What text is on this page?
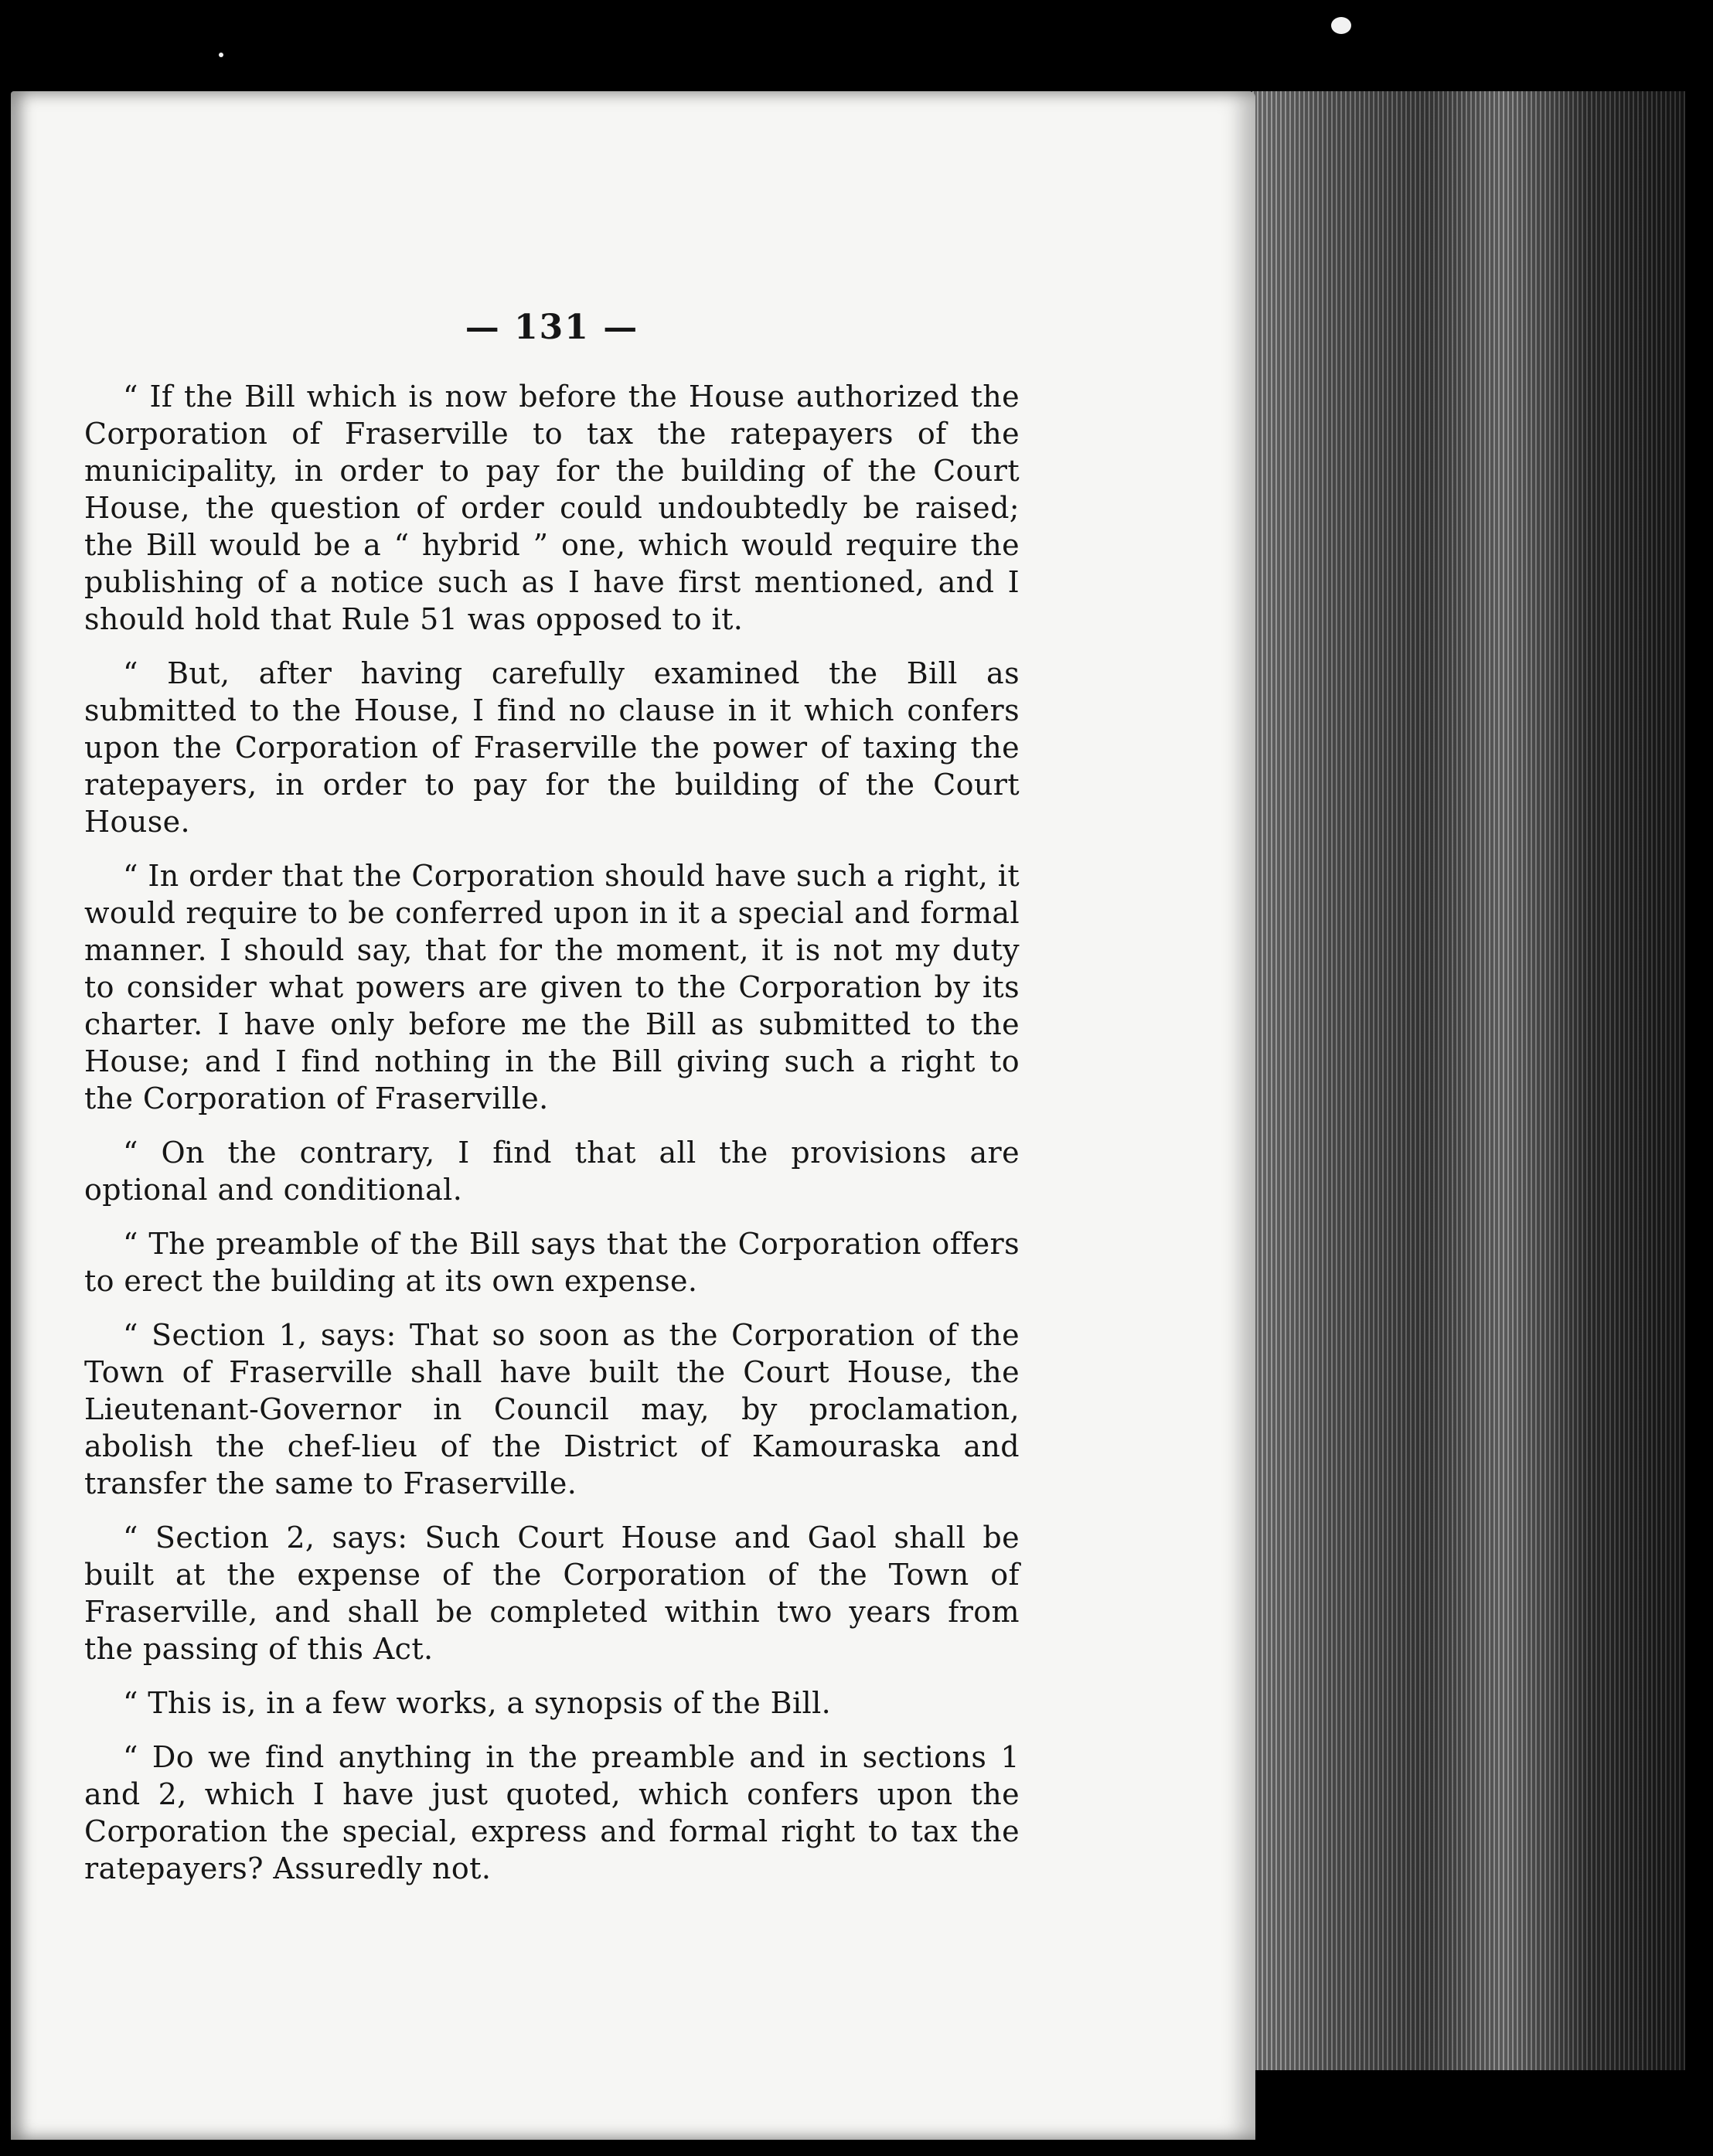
— 131 —

“ If the Bill which is now before the House authorized the Corporation of Fraserville to tax the ratepayers of the municipality, in order to pay for the building of the Court House, the question of order could undoubtedly be raised; the Bill would be a “ hybrid ” one, which would require the publishing of a notice such as I have first mentioned, and I should hold that Rule 51 was opposed to it.

“ But, after having carefully examined the Bill as submitted to the House, I find no clause in it which confers upon the Corporation of Fraserville the power of taxing the ratepayers, in order to pay for the building of the Court House.

“ In order that the Corporation should have such a right, it would require to be conferred upon in it a special and formal manner. I should say, that for the moment, it is not my duty to consider what powers are given to the Corporation by its charter. I have only before me the Bill as submitted to the House; and I find nothing in the Bill giving such a right to the Corporation of Fraserville.

“ On the contrary, I find that all the provisions are optional and conditional.

“ The preamble of the Bill says that the Corporation offers to erect the building at its own expense.

“ Section 1, says: That so soon as the Corporation of the Town of Fraserville shall have built the Court House, the Lieutenant-Governor in Council may, by proclamation, abolish the chef-lieu of the District of Kamouraska and transfer the same to Fraserville.

“ Section 2, says: Such Court House and Gaol shall be built at the expense of the Corporation of the Town of Fraserville, and shall be completed within two years from the passing of this Act.

“ This is, in a few works, a synopsis of the Bill.

“ Do we find anything in the preamble and in sections 1 and 2, which I have just quoted, which confers upon the Corporation the special, express and formal right to tax the ratepayers? Assuredly not.
